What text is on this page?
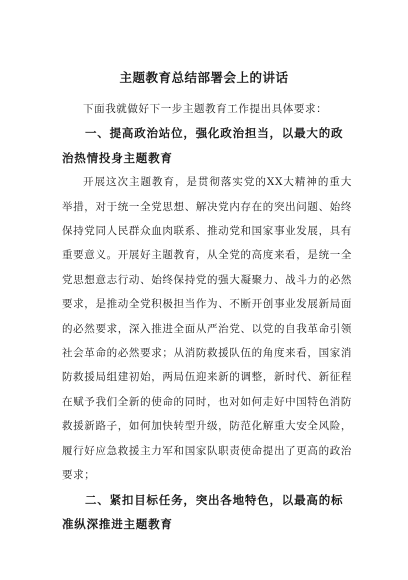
主题教育总结部署会上的讲话

下面我就做好下一步主题教育工作提出具体要求：

一、提高政治站位，强化政治担当，以最大的政治热情投身主题教育

开展这次主题教育，是贯彻落实党的XX大精神的重大举措，对于统一全党思想、解决党内存在的突出问题、始终保持党同人民群众血肉联系、推动党和国家事业发展，具有重要意义。开展好主题教育，从全党的高度来看，是统一全党思想意志行动、始终保持党的强大凝聚力、战斗力的必然要求，是推动全党积极担当作为、不断开创事业发展新局面的必然要求，深入推进全面从严治党、以党的自我革命引领社会革命的必然要求；从消防救援队伍的角度来看，国家消防救援局组建初始，两局伍迎来新的调整，新时代、新征程在赋予我们全新的使命的同时，也对如何走好中国特色消防救援新路子，如何加快转型升级，防范化解重大安全风险，履行好应急救援主力军和国家队职责使命提出了更高的政治要求；

二、紧扣目标任务，突出各地特色，以最高的标准纵深推进主题教育
